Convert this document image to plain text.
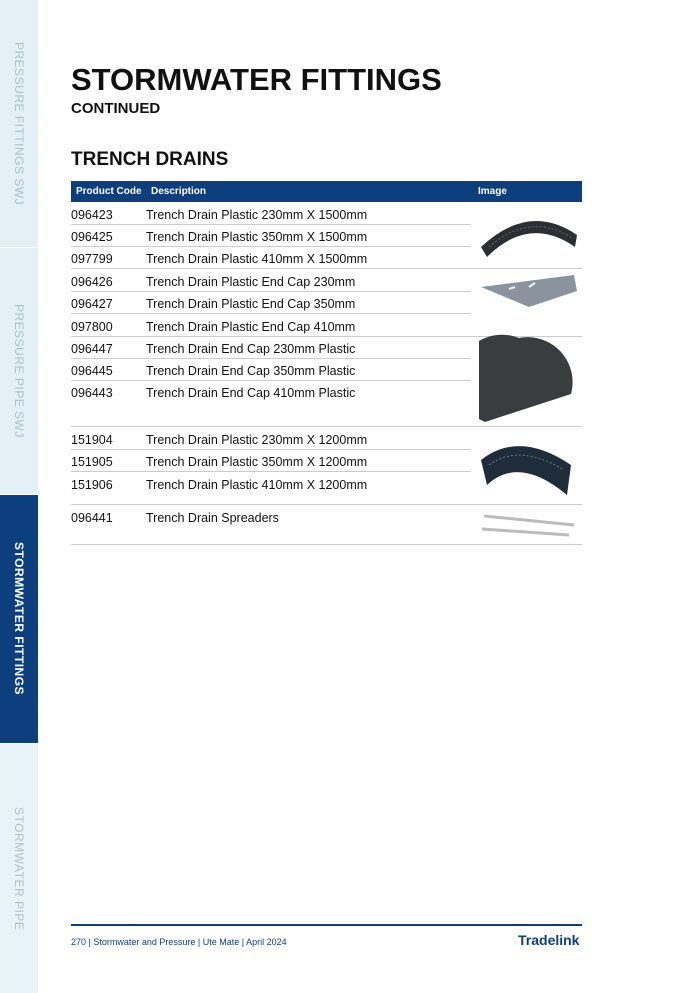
PRESSURE FITTINGS SWJ
PRESSURE PIPE SWJ
STORMWATER FITTINGS
STORMWATER PIPE
STORMWATER FITTINGS
CONTINUED
TRENCH DRAINS
Product Code Description	Image
096423	Trench Drain Plastic 230mm X 1500mm
096425	Trench Drain Plastic 350mm X 1500mm
097799	Trench Drain Plastic 410mm X 1500mm
096426	Trench Drain Plastic End Cap 230mm
096427	Trench Drain Plastic End Cap 350mm
097800	Trench Drain Plastic End Cap 410mm
096447	Trench Drain End Cap 230mm Plastic
096445	Trench Drain End Cap 350mm Plastic
096443	Trench Drain End Cap 410mm Plastic
151904	Trench Drain Plastic 230mm X 1200mm
151905	Trench Drain Plastic 350mm X 1200mm
151906	Trench Drain Plastic 410mm X 1200mm
096441	Trench Drain Spreaders
270 | Stormwater and Pressure | Ute Mate | April 2024	Tradelink
